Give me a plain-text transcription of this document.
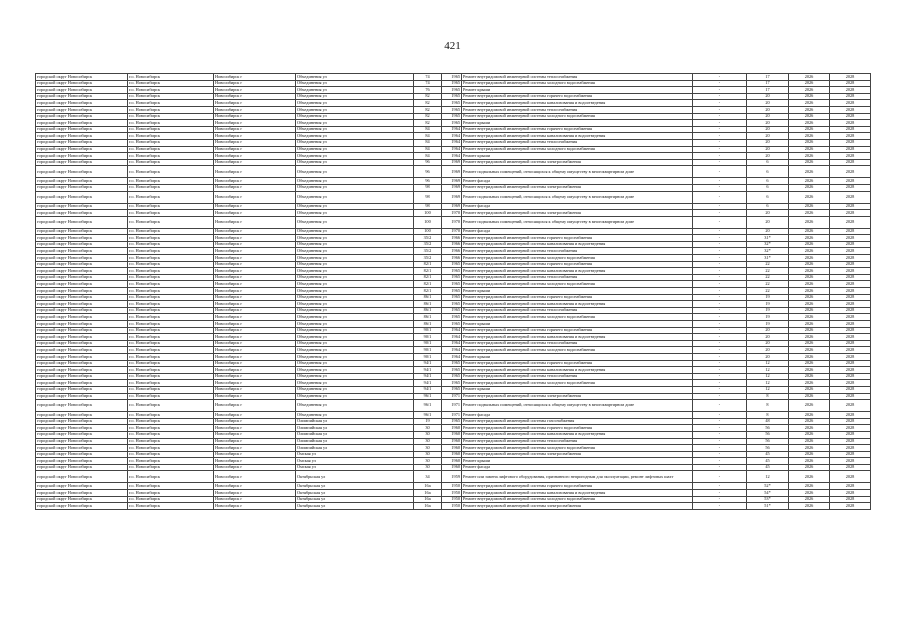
421
городской округ Новосибирск	г.о. Новосибирск	Новосибирск г	Объединения ул	74	1965	Ремонт внутридомовой инженерной системы теплоснабжения	-	17	2026	2028
городской округ Новосибирск	г.о. Новосибирск	Новосибирск г	Объединения ул	74	1965	Ремонт внутридомовой инженерной системы холодного водоснабжения	-	17	2026	2028
городской округ Новосибирск	г.о. Новосибирск	Новосибирск г	Объединения ул	76	1965	Ремонт крыши	-	17	2026	2028
городской округ Новосибирск	г.о. Новосибирск	Новосибирск г	Объединения ул	82	1965	Ремонт внутридомовой инженерной системы горячего водоснабжения	-	20	2026	2028
городской округ Новосибирск	г.о. Новосибирск	Новосибирск г	Объединения ул	82	1965	Ремонт внутридомовой инженерной системы канализования и водоотведения	-	20	2026	2028
городской округ Новосибирск	г.о. Новосибирск	Новосибирск г	Объединения ул	82	1965	Ремонт внутридомовой инженерной системы теплоснабжения	-	20	2026	2028
городской округ Новосибирск	г.о. Новосибирск	Новосибирск г	Объединения ул	82	1965	Ремонт внутридомовой инженерной системы холодного водоснабжения	-	20	2026	2028
городской округ Новосибирск	г.о. Новосибирск	Новосибирск г	Объединения ул	82	1965	Ремонт крыши	-	20	2026	2028
городской округ Новосибирск	г.о. Новосибирск	Новосибирск г	Объединения ул	84	1964	Ремонт внутридомовой инженерной системы горячего водоснабжения	-	20	2026	2028
городской округ Новосибирск	г.о. Новосибирск	Новосибирск г	Объединения ул	84	1964	Ремонт внутридомовой инженерной системы канализования и водоотведения	-	20	2026	2028
городской округ Новосибирск	г.о. Новосибирск	Новосибирск г	Объединения ул	84	1964	Ремонт внутридомовой инженерной системы теплоснабжения	-	20	2026	2028
городской округ Новосибирск	г.о. Новосибирск	Новосибирск г	Объединения ул	84	1964	Ремонт внутридомовой инженерной системы холодного водоснабжения	-	20	2026	2028
городской округ Новосибирск	г.о. Новосибирск	Новосибирск г	Объединения ул	84	1964	Ремонт крыши	-	20	2026	2028
городской округ Новосибирск	г.о. Новосибирск	Новосибирск г	Объединения ул	96	1969	Ремонт внутридомовой инженерной системы электроснабжения	-	6	2026	2028
городской округ Новосибирск	г.о. Новосибирск	Новосибирск г	Объединения ул	96	1969	Ремонт подвальных помещений, относящихся к общему имуществу в многоквартирном доме	-	6	2026	2028
городской округ Новосибирск	г.о. Новосибирск	Новосибирск г	Объединения ул	96	1969	Ремонт фасада	-	6	2026	2028
городской округ Новосибирск	г.о. Новосибирск	Новосибирск г	Объединения ул	98	1969	Ремонт внутридомовой инженерной системы электроснабжения	-	6	2026	2028
городской округ Новосибирск	г.о. Новосибирск	Новосибирск г	Объединения ул	98	1969	Ремонт подвальных помещений, относящихся к общему имуществу в многоквартирном доме	-	6	2026	2028
городской округ Новосибирск	г.о. Новосибирск	Новосибирск г	Объединения ул	98	1969	Ремонт фасада	-	6	2026	2028
городской округ Новосибирск	г.о. Новосибирск	Новосибирск г	Объединения ул	100	1970	Ремонт внутридомовой инженерной системы электроснабжения	-	20	2026	2028
городской округ Новосибирск	г.о. Новосибирск	Новосибирск г	Объединения ул	100	1970	Ремонт подвальных помещений, относящихся к общему имуществу в многоквартирном доме	-	20	2026	2028
городской округ Новосибирск	г.о. Новосибирск	Новосибирск г	Объединения ул	100	1970	Ремонт фасада	-	20	2026	2028
городской округ Новосибирск	г.о. Новосибирск	Новосибирск г	Объединения ул	35/2	1966	Ремонт внутридомовой инженерной системы горячего водоснабжения	-	31*	2026	2028
городской округ Новосибирск	г.о. Новосибирск	Новосибирск г	Объединения ул	35/2	1966	Ремонт внутридомовой инженерной системы канализования и водоотведения	-	32*	2026	2028
городской округ Новосибирск	г.о. Новосибирск	Новосибирск г	Объединения ул	35/2	1966	Ремонт внутридомовой инженерной системы теплоснабжения	-	32*	2026	2028
городской округ Новосибирск	г.о. Новосибирск	Новосибирск г	Объединения ул	35/2	1966	Ремонт внутридомовой инженерной системы холодного водоснабжения	-	31*	2026	2028
городской округ Новосибирск	г.о. Новосибирск	Новосибирск г	Объединения ул	82/1	1965	Ремонт внутридомовой инженерной системы горячего водоснабжения	-	22	2026	2028
городской округ Новосибирск	г.о. Новосибирск	Новосибирск г	Объединения ул	82/1	1965	Ремонт внутридомовой инженерной системы канализования и водоотведения	-	22	2026	2028
городской округ Новосибирск	г.о. Новосибирск	Новосибирск г	Объединения ул	82/1	1965	Ремонт внутридомовой инженерной системы теплоснабжения	-	22	2026	2028
городской округ Новосибирск	г.о. Новосибирск	Новосибирск г	Объединения ул	82/1	1965	Ремонт внутридомовой инженерной системы холодного водоснабжения	-	22	2026	2028
городской округ Новосибирск	г.о. Новосибирск	Новосибирск г	Объединения ул	82/1	1965	Ремонт крыши	-	22	2026	2028
городской округ Новосибирск	г.о. Новосибирск	Новосибирск г	Объединения ул	86/1	1965	Ремонт внутридомовой инженерной системы горячего водоснабжения	-	19	2026	2028
городской округ Новосибирск	г.о. Новосибирск	Новосибирск г	Объединения ул	86/1	1965	Ремонт внутридомовой инженерной системы канализования и водоотведения	-	19	2026	2028
городской округ Новосибирск	г.о. Новосибирск	Новосибирск г	Объединения ул	86/1	1965	Ремонт внутридомовой инженерной системы теплоснабжения	-	19	2026	2028
городской округ Новосибирск	г.о. Новосибирск	Новосибирск г	Объединения ул	86/1	1965	Ремонт внутридомовой инженерной системы холодного водоснабжения	-	19	2026	2028
городской округ Новосибирск	г.о. Новосибирск	Новосибирск г	Объединения ул	86/1	1965	Ремонт крыши	-	19	2026	2028
городской округ Новосибирск	г.о. Новосибирск	Новосибирск г	Объединения ул	90/1	1964	Ремонт внутридомовой инженерной системы горячего водоснабжения	-	20	2026	2028
городской округ Новосибирск	г.о. Новосибирск	Новосибирск г	Объединения ул	90/1	1964	Ремонт внутридомовой инженерной системы канализования и водоотведения	-	20	2026	2028
городской округ Новосибирск	г.о. Новосибирск	Новосибирск г	Объединения ул	90/1	1964	Ремонт внутридомовой инженерной системы теплоснабжения	-	20	2026	2028
городской округ Новосибирск	г.о. Новосибирск	Новосибирск г	Объединения ул	90/1	1964	Ремонт внутридомовой инженерной системы холодного водоснабжения	-	20	2026	2028
городской округ Новосибирск	г.о. Новосибирск	Новосибирск г	Объединения ул	90/1	1964	Ремонт крыши	-	20	2026	2028
городской округ Новосибирск	г.о. Новосибирск	Новосибирск г	Объединения ул	94/1	1965	Ремонт внутридомовой инженерной системы горячего водоснабжения	-	12	2026	2028
городской округ Новосибирск	г.о. Новосибирск	Новосибирск г	Объединения ул	94/1	1965	Ремонт внутридомовой инженерной системы канализования и водоотведения	-	12	2026	2028
городской округ Новосибирск	г.о. Новосибирск	Новосибирск г	Объединения ул	94/1	1965	Ремонт внутридомовой инженерной системы теплоснабжения	-	12	2026	2028
городской округ Новосибирск	г.о. Новосибирск	Новосибирск г	Объединения ул	94/1	1965	Ремонт внутридомовой инженерной системы холодного водоснабжения	-	12	2026	2028
городской округ Новосибирск	г.о. Новосибирск	Новосибирск г	Объединения ул	94/1	1965	Ремонт крыши	-	12	2026	2028
городской округ Новосибирск	г.о. Новосибирск	Новосибирск г	Объединения ул	96/1	1971	Ремонт внутридомовой инженерной системы электроснабжения	-	8	2026	2028
городской округ Новосибирск	г.о. Новосибирск	Новосибирск г	Объединения ул	96/1	1971	Ремонт подвальных помещений, относящихся к общему имуществу в многоквартирном доме	-	8	2026	2028
городской округ Новосибирск	г.о. Новосибирск	Новосибирск г	Объединения ул	96/1	1971	Ремонт фасада	-	8	2026	2028
городской округ Новосибирск	г.о. Новосибирск	Новосибирск г	Олимпийская ул	19	1965	Ремонт внутридомовой инженерной системы газоснабжения	-	48	2026	2028
городской округ Новосибирск	г.о. Новосибирск	Новосибирск г	Олимпийская ул	30	1960	Ремонт внутридомовой инженерной системы горячего водоснабжения	-	56	2026	2028
городской округ Новосибирск	г.о. Новосибирск	Новосибирск г	Олимпийская ул	30	1960	Ремонт внутридомовой инженерной системы канализования и водоотведения	-	56	2026	2028
городской округ Новосибирск	г.о. Новосибирск	Новосибирск г	Олимпийская ул	30	1960	Ремонт внутридомовой инженерной системы теплоснабжения	-	56	2026	2028
городской округ Новосибирск	г.о. Новосибирск	Новосибирск г	Олимпийская ул	30	1960	Ремонт внутридомовой инженерной системы холодного водоснабжения	-	56	2026	2028
городской округ Новосибирск	г.о. Новосибирск	Новосибирск г	Омская ул	30	1960	Ремонт внутридомовой инженерной системы электроснабжения	-	45	2026	2028
городской округ Новосибирск	г.о. Новосибирск	Новосибирск г	Омская ул	30	1960	Ремонт крыши	-	45	2026	2028
городской округ Новосибирск	г.о. Новосибирск	Новосибирск г	Омская ул	30	1960	Ремонт фасада	-	45	2026	2028
городской округ Новосибирск	г.о. Новосибирск	Новосибирск г	Октябрьская ул	34	1959	Ремонт или замена лифтового оборудования, признанного непригодным для эксплуатации, ремонт лифтовых шахт	-	12	2026	2028
городской округ Новосибирск	г.о. Новосибирск	Новосибирск г	Октябрьская ул	16а	1950	Ремонт внутридомовой инженерной системы горячего водоснабжения	-	52*	2026	2028
городской округ Новосибирск	г.о. Новосибирск	Новосибирск г	Октябрьская ул	16а	1950	Ремонт внутридомовой инженерной системы канализования и водоотведения	-	54*	2026	2028
городской округ Новосибирск	г.о. Новосибирск	Новосибирск г	Октябрьская ул	16а	1950	Ремонт внутридомовой инженерной системы холодного водоснабжения	-	53*	2026	2028
городской округ Новосибирск	г.о. Новосибирск	Новосибирск г	Октябрьская ул	16а	1950	Ремонт внутридомовой инженерной системы электроснабжения	-	51*	2026	2028
